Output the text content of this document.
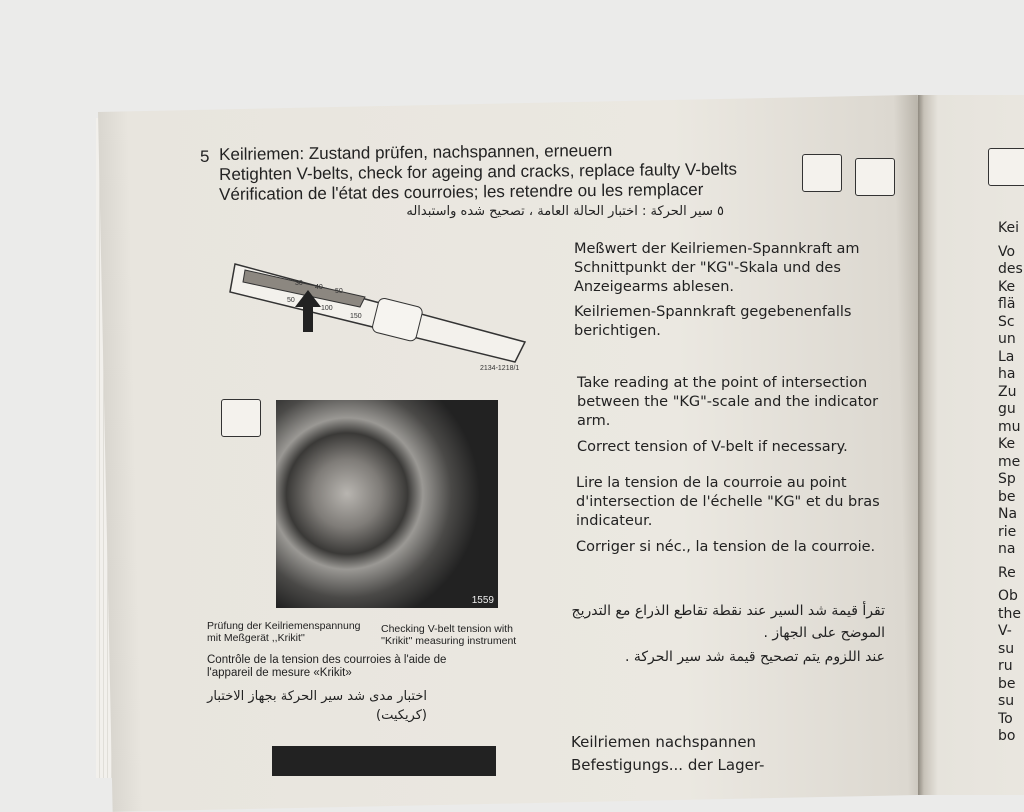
5 Keilriemen: Zustand prüfen, nachspannen, erneuern
Retighten V-belts, check for ageing and cracks, replace faulty V-belts
Vérification de l'état des courroies; les retendre ou les remplacer
٥ سير الحركة : اختبار الحالة العامة ، تصحيح شده واستبداله
30
40
50
50
100
150
2134-1218/1
1559
Prüfung der Keilriemenspannung mit Meßgerät ,,Krikit''
Checking V-belt tension with ''Krikit'' measuring instrument
Contrôle de la tension des courroies à l'aide de l'appareil de mesure «Krikit»
اختبار مدى شد سير الحركة بجهاز الاختبار (كريكيت)
Meßwert der Keilriemen-Spannkraft am Schnittpunkt der "KG"-Skala und des Anzeigearms ablesen.
Keilriemen-Spannkraft gegebenenfalls berichtigen.
Take reading at the point of intersection between the "KG"-scale and the indicator arm.
Correct tension of V-belt if necessary.
Lire la tension de la courroie au point d'intersection de l'échelle "KG" et du bras indicateur.
Corriger si néc., la tension de la courroie.
تقرأ قيمة شد السير عند نقطة تقاطع الذراع مع التدريج الموضح على الجهاز .
عند اللزوم يتم تصحيح قيمة شد سير الحركة .
Keilriemen nachspannen
Befestigungs... der Lager-
Kei
Vo
des
Ke
flä
Sc
un
La
ha
Zu
gu
mu
Ke
me
Sp
be
Na
rie
na
Re
Ob
the
V-
su
ru
be
su
To
bo
